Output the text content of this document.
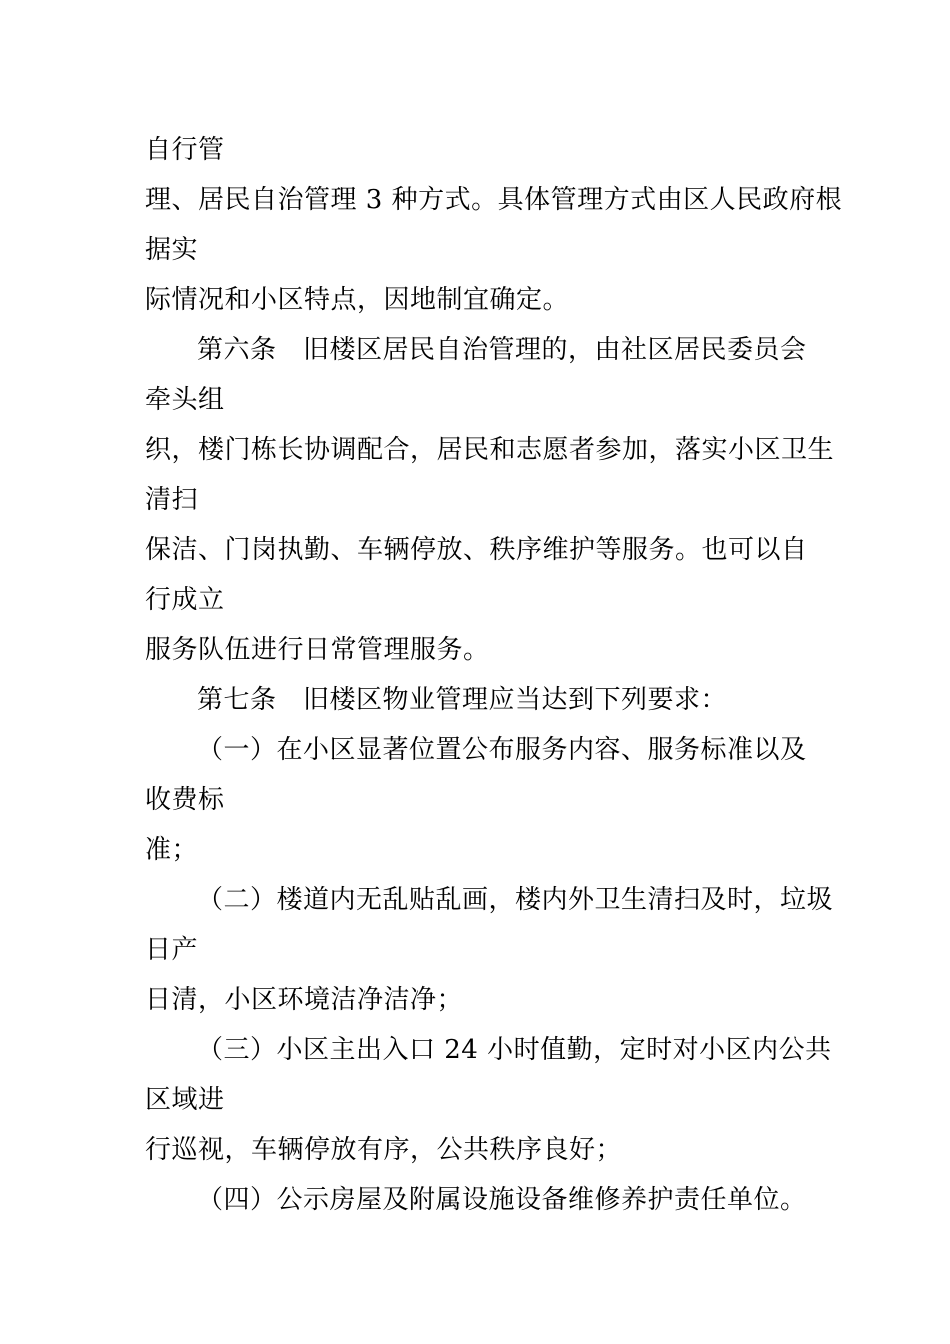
自行管
理、居民自治管理 3 种方式。具体管理方式由区人民政府根
据实
际情况和小区特点，因地制宜确定。
第六条　旧楼区居民自治管理的，由社区居民委员会
牵头组
织，楼门栋长协调配合，居民和志愿者参加，落实小区卫生
清扫
保洁、门岗执勤、车辆停放、秩序维护等服务。也可以自
行成立
服务队伍进行日常管理服务。
第七条　旧楼区物业管理应当达到下列要求：
（一）在小区显著位置公布服务内容、服务标准以及
收费标
准；
（二）楼道内无乱贴乱画，楼内外卫生清扫及时，垃圾
日产
日清，小区环境洁净洁净；
（三）小区主出入口 24 小时值勤，定时对小区内公共
区域进
行巡视，车辆停放有序，公共秩序良好；
（四）公示房屋及附属设施设备维修养护责任单位。
